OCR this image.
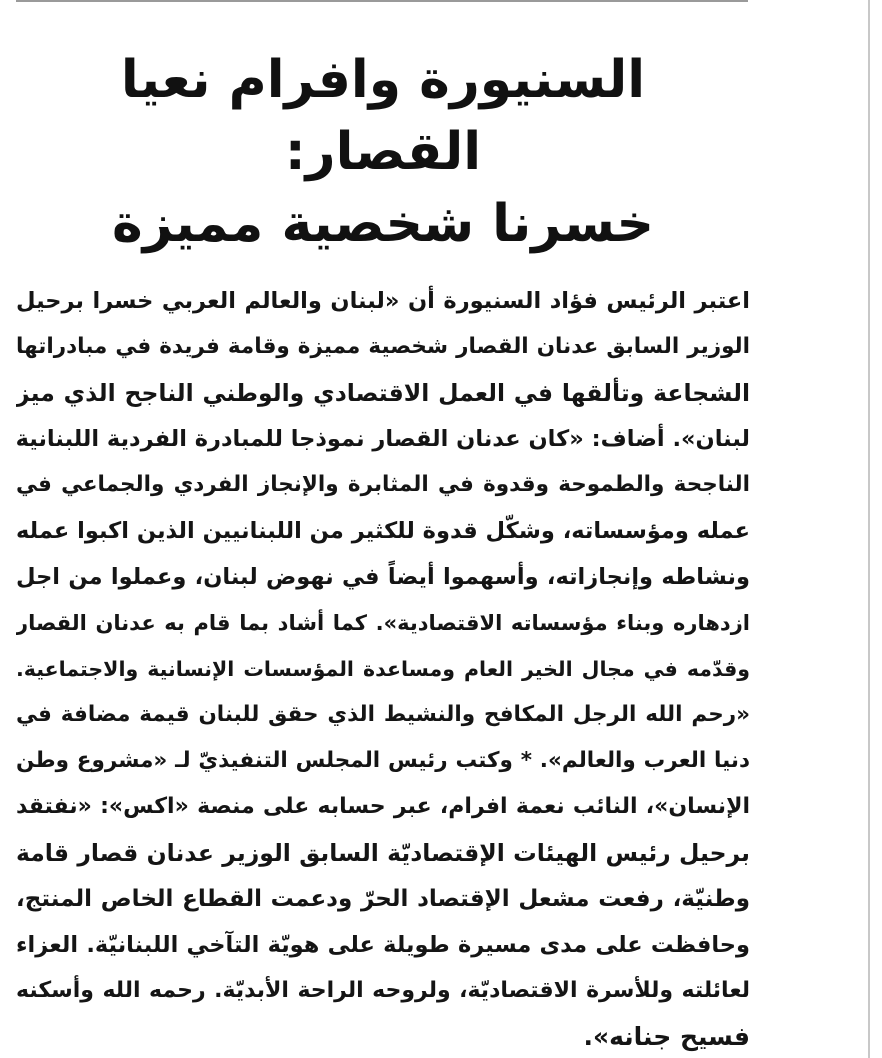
السنيورة وافرام نعيا القصار:
خسرنا شخصية مميزة
اعتبر الرئيس فؤاد السنيورة أن «لبنان والعالم العربي خسرا برحيل
الوزير السابق عدنان القصار شخصية مميزة وقامة فريدة في مبادراتها
الشجاعة وتألقها في العمل الاقتصادي والوطني الناجح الذي ميز
لبنان». أضاف: «كان عدنان القصار نموذجا للمبادرة الفردية اللبنانية
الناجحة والطموحة وقدوة في المثابرة والإنجاز الفردي والجماعي في
عمله ومؤسساته، وشكّل قدوة للكثير من اللبنانيين الذين اكبوا عمله
ونشاطه وإنجازاته، وأسهموا أيضاً في نهوض لبنان، وعملوا من اجل
ازدهاره وبناء مؤسساته الاقتصادية». كما أشاد بما قام به عدنان القصار
وقدّمه في مجال الخير العام ومساعدة المؤسسات الإنسانية والاجتماعية.
«رحم الله الرجل المكافح والنشيط الذي حقق للبنان قيمة مضافة في
دنيا العرب والعالم». * وكتب رئيس المجلس التنفيذيّ لـ «مشروع وطن
الإنسان»، النائب نعمة افرام، عبر حسابه على منصة «اكس»: «نفتقد
برحيل رئيس الهيئات الإقتصاديّة السابق الوزير عدنان قصار قامة
وطنيّة، رفعت مشعل الإقتصاد الحرّ ودعمت القطاع الخاص المنتج،
وحافظت على مدى مسيرة طويلة على هويّة التآخي اللبنانيّة. العزاء
لعائلته وللأسرة الاقتصاديّة، ولروحه الراحة الأبديّة. رحمه الله وأسكنه
فسيح جنانه».
